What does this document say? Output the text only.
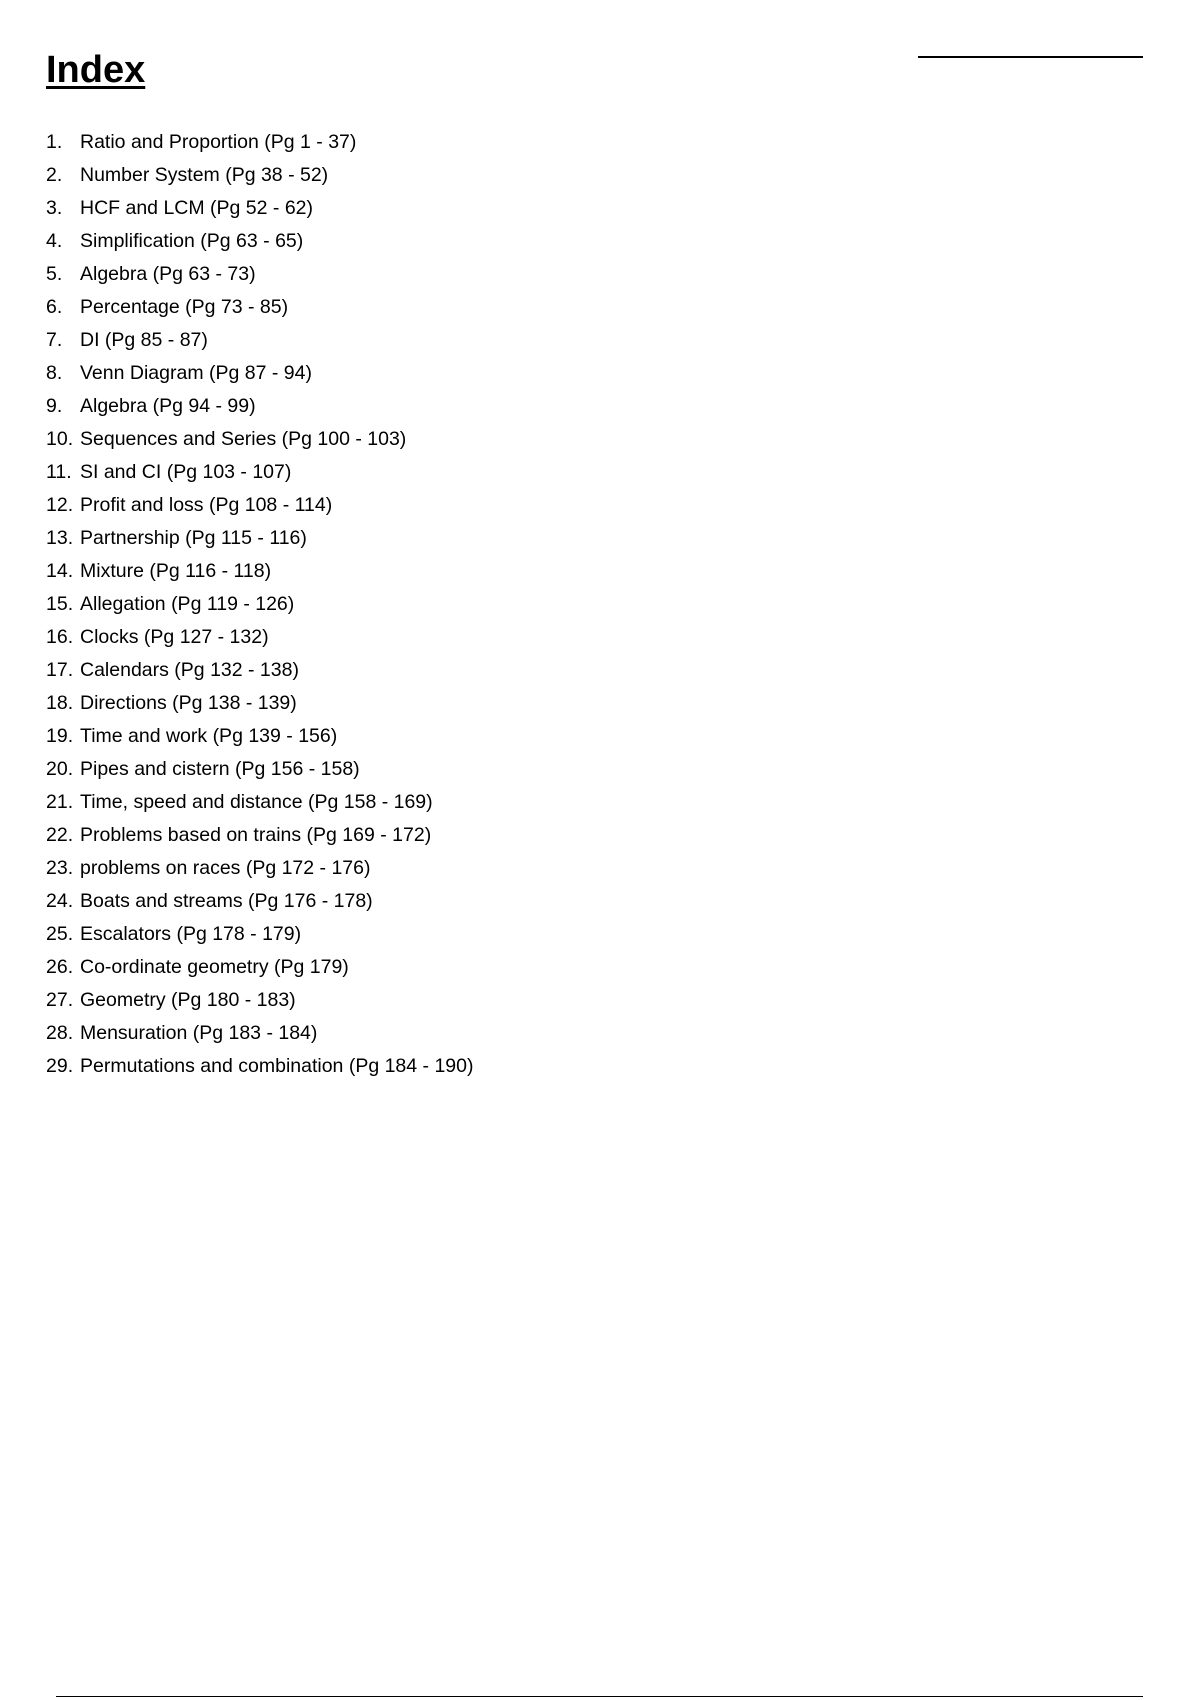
Index
1. Ratio and Proportion (Pg 1 - 37)
2. Number System (Pg 38 - 52)
3. HCF and LCM (Pg 52 - 62)
4. Simplification (Pg 63 - 65)
5. Algebra (Pg 63 - 73)
6. Percentage (Pg 73 - 85)
7. DI (Pg 85 - 87)
8. Venn Diagram (Pg 87 - 94)
9. Algebra (Pg 94 - 99)
10. Sequences and Series (Pg 100 - 103)
11. SI and CI (Pg 103 - 107)
12. Profit and loss (Pg 108 - 114)
13. Partnership (Pg 115 - 116)
14. Mixture (Pg 116 - 118)
15. Allegation (Pg 119 - 126)
16. Clocks (Pg 127 - 132)
17. Calendars (Pg 132 - 138)
18. Directions (Pg 138 - 139)
19. Time and work (Pg 139 - 156)
20. Pipes and cistern (Pg 156 - 158)
21. Time, speed and distance (Pg 158 - 169)
22. Problems based on trains (Pg 169 - 172)
23. problems on races (Pg 172 - 176)
24. Boats and streams (Pg 176 - 178)
25. Escalators (Pg 178 - 179)
26. Co-ordinate geometry (Pg 179)
27. Geometry (Pg 180 - 183)
28. Mensuration (Pg 183 - 184)
29. Permutations and combination (Pg 184 - 190)
